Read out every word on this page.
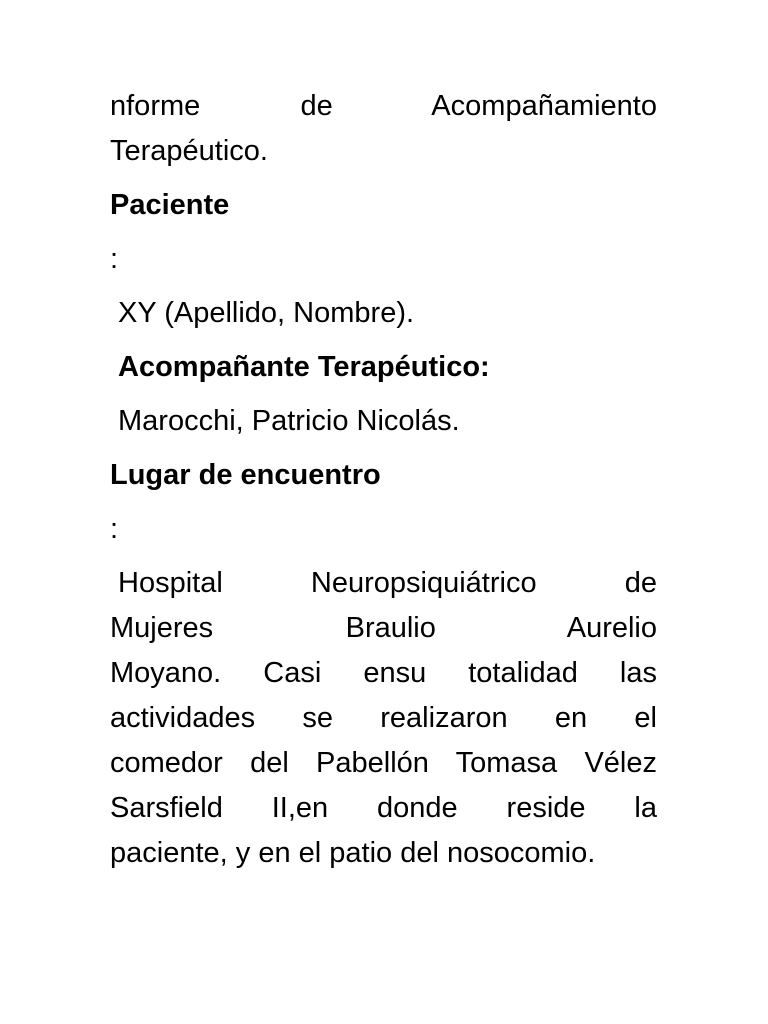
nforme de Acompañamiento
Terapéutico.

Paciente

:

XY (Apellido, Nombre).

Acompañante Terapéutico:

Marocchi, Patricio Nicolás.

Lugar de encuentro

:

Hospital Neuropsiquiátrico de
Mujeres Braulio Aurelio
Moyano. Casi ensu totalidad las
actividades se realizaron en el
comedor del Pabellón Tomasa Vélez
Sarsfield II,en donde reside la
paciente, y en el patio del nosocomio.
